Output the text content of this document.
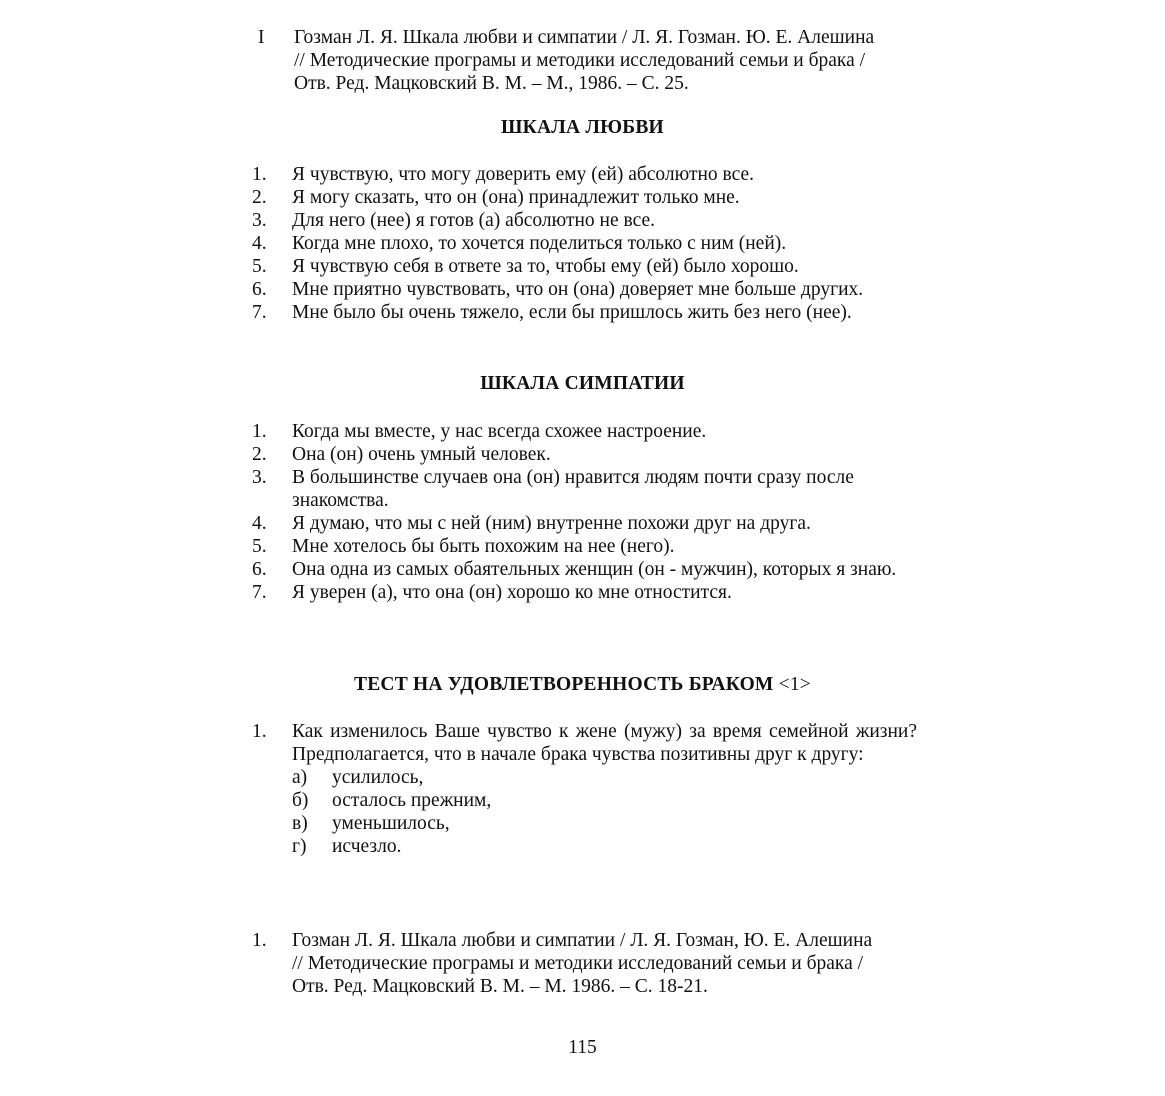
I	Гозман Л. Я. Шкала любви и симпатии / Л. Я. Гозман. Ю. Е. Алешина
// Методические програмы и методики исследований семьи и брака /
Отв. Ред. Мацковский В. М. – М., 1986. – С. 25.
ШКАЛА ЛЮБВИ
1.	Я чувствую, что могу доверить ему (ей) абсолютно все.
2.	Я могу сказать, что он (она) принадлежит только мне.
3.	Для него (нее) я готов (а) абсолютно не все.
4.	Когда мне плохо, то хочется поделиться только с ним (ней).
5.	Я чувствую себя в ответе за то, чтобы ему (ей) было хорошо.
6.	Мне приятно чувствовать, что он (она) доверяет мне больше других.
7.	Мне было бы очень тяжело, если бы пришлось жить без него (нее).
ШКАЛА СИМПАТИИ
1.	Когда мы вместе, у нас всегда схожее настроение.
2.	Она (он) очень умный человек.
3.	В большинстве случаев она (он) нравится людям почти сразу после знакомства.
4.	Я думаю, что мы с ней (ним) внутренне похожи друг на друга.
5.	Мне хотелось бы быть похожим на нее (него).
6.	Она одна из самых обаятельных женщин (он - мужчин), которых я знаю.
7.	Я уверен (а), что она (он) хорошо ко мне отностится.
ТЕСТ НА УДОВЛЕТВОРЕННОСТЬ БРАКОМ <1>
1.	Как изменилось Ваше чувство к жене (мужу) за время семейной жизни? Предполагается, что в начале брака чувства позитивны друг к другу:
а)	усилилось,
б)	осталось прежним,
в)	уменьшилось,
г)	исчезло.
1.	Гозман Л. Я. Шкала любви и симпатии / Л. Я. Гозман, Ю. Е. Алешина
// Методические програмы и методики исследований семьи и брака /
Отв. Ред. Мацковский В. М. – М. 1986. – С. 18-21.
115
